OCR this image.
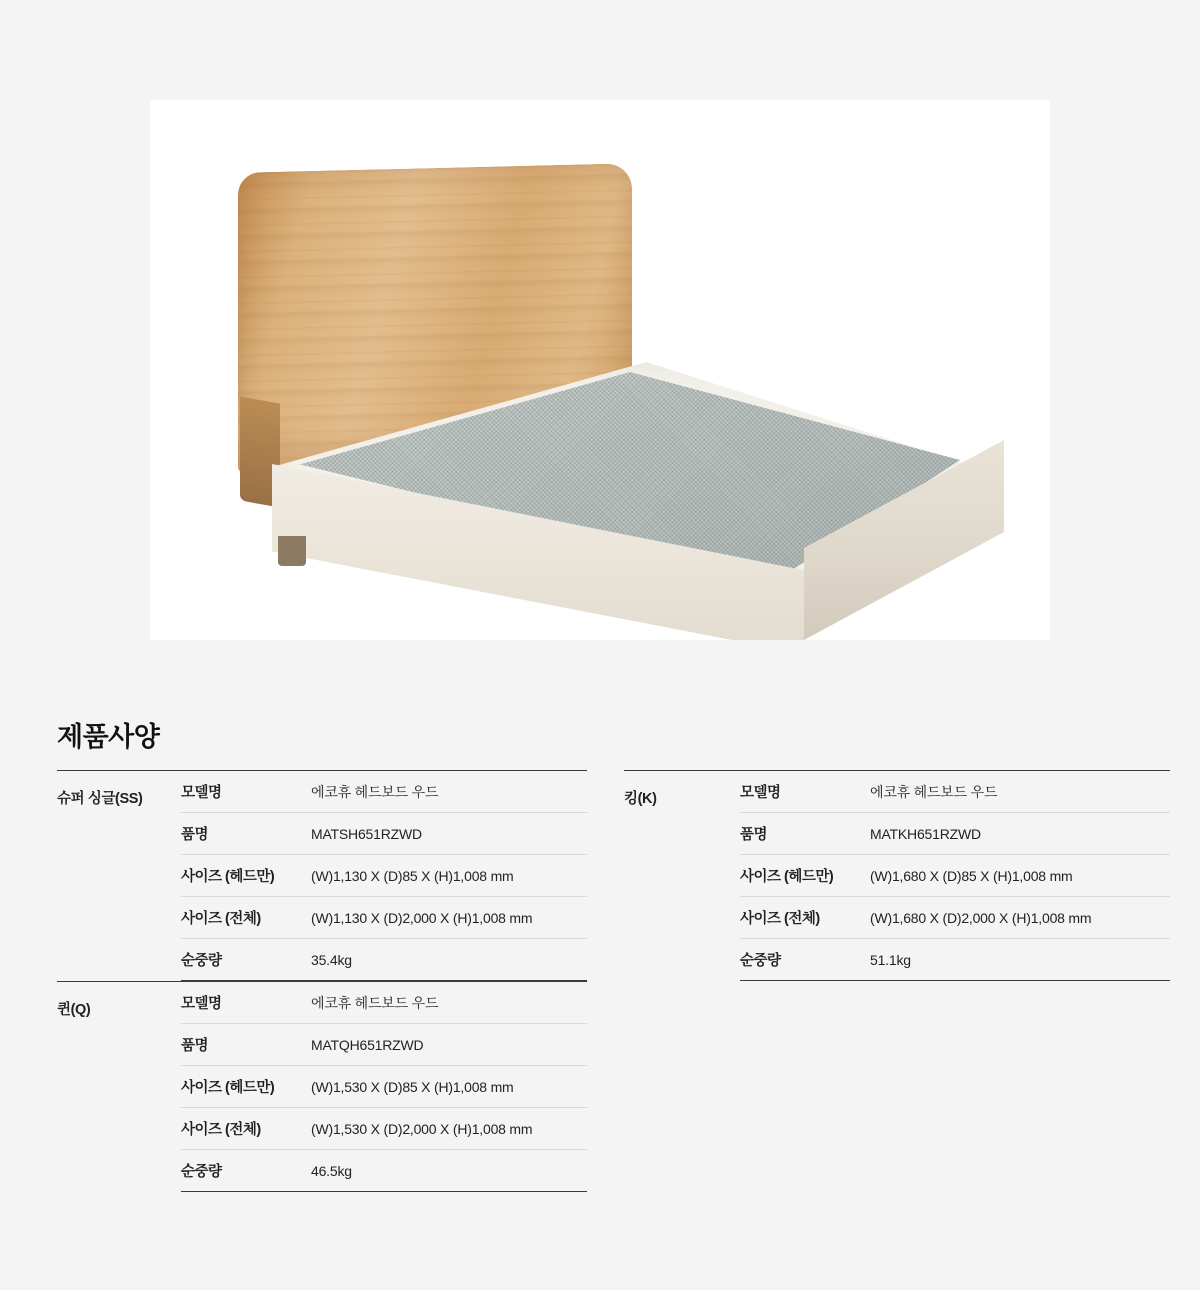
제품사양
슈퍼 싱글(SS)	모델명	에코휴 헤드보드 우드
품명	MATSH651RZWD
사이즈 (헤드만)	(W)1,130 X (D)85 X (H)1,008 mm
사이즈 (전체)	(W)1,130 X (D)2,000 X (H)1,008 mm
순중량	35.4kg
퀸(Q)	모델명	에코휴 헤드보드 우드
품명	MATQH651RZWD
사이즈 (헤드만)	(W)1,530 X (D)85 X (H)1,008 mm
사이즈 (전체)	(W)1,530 X (D)2,000 X (H)1,008 mm
순중량	46.5kg
킹(K)	모델명	에코휴 헤드보드 우드
품명	MATKH651RZWD
사이즈 (헤드만)	(W)1,680 X (D)85 X (H)1,008 mm
사이즈 (전체)	(W)1,680 X (D)2,000 X (H)1,008 mm
순중량	51.1kg
